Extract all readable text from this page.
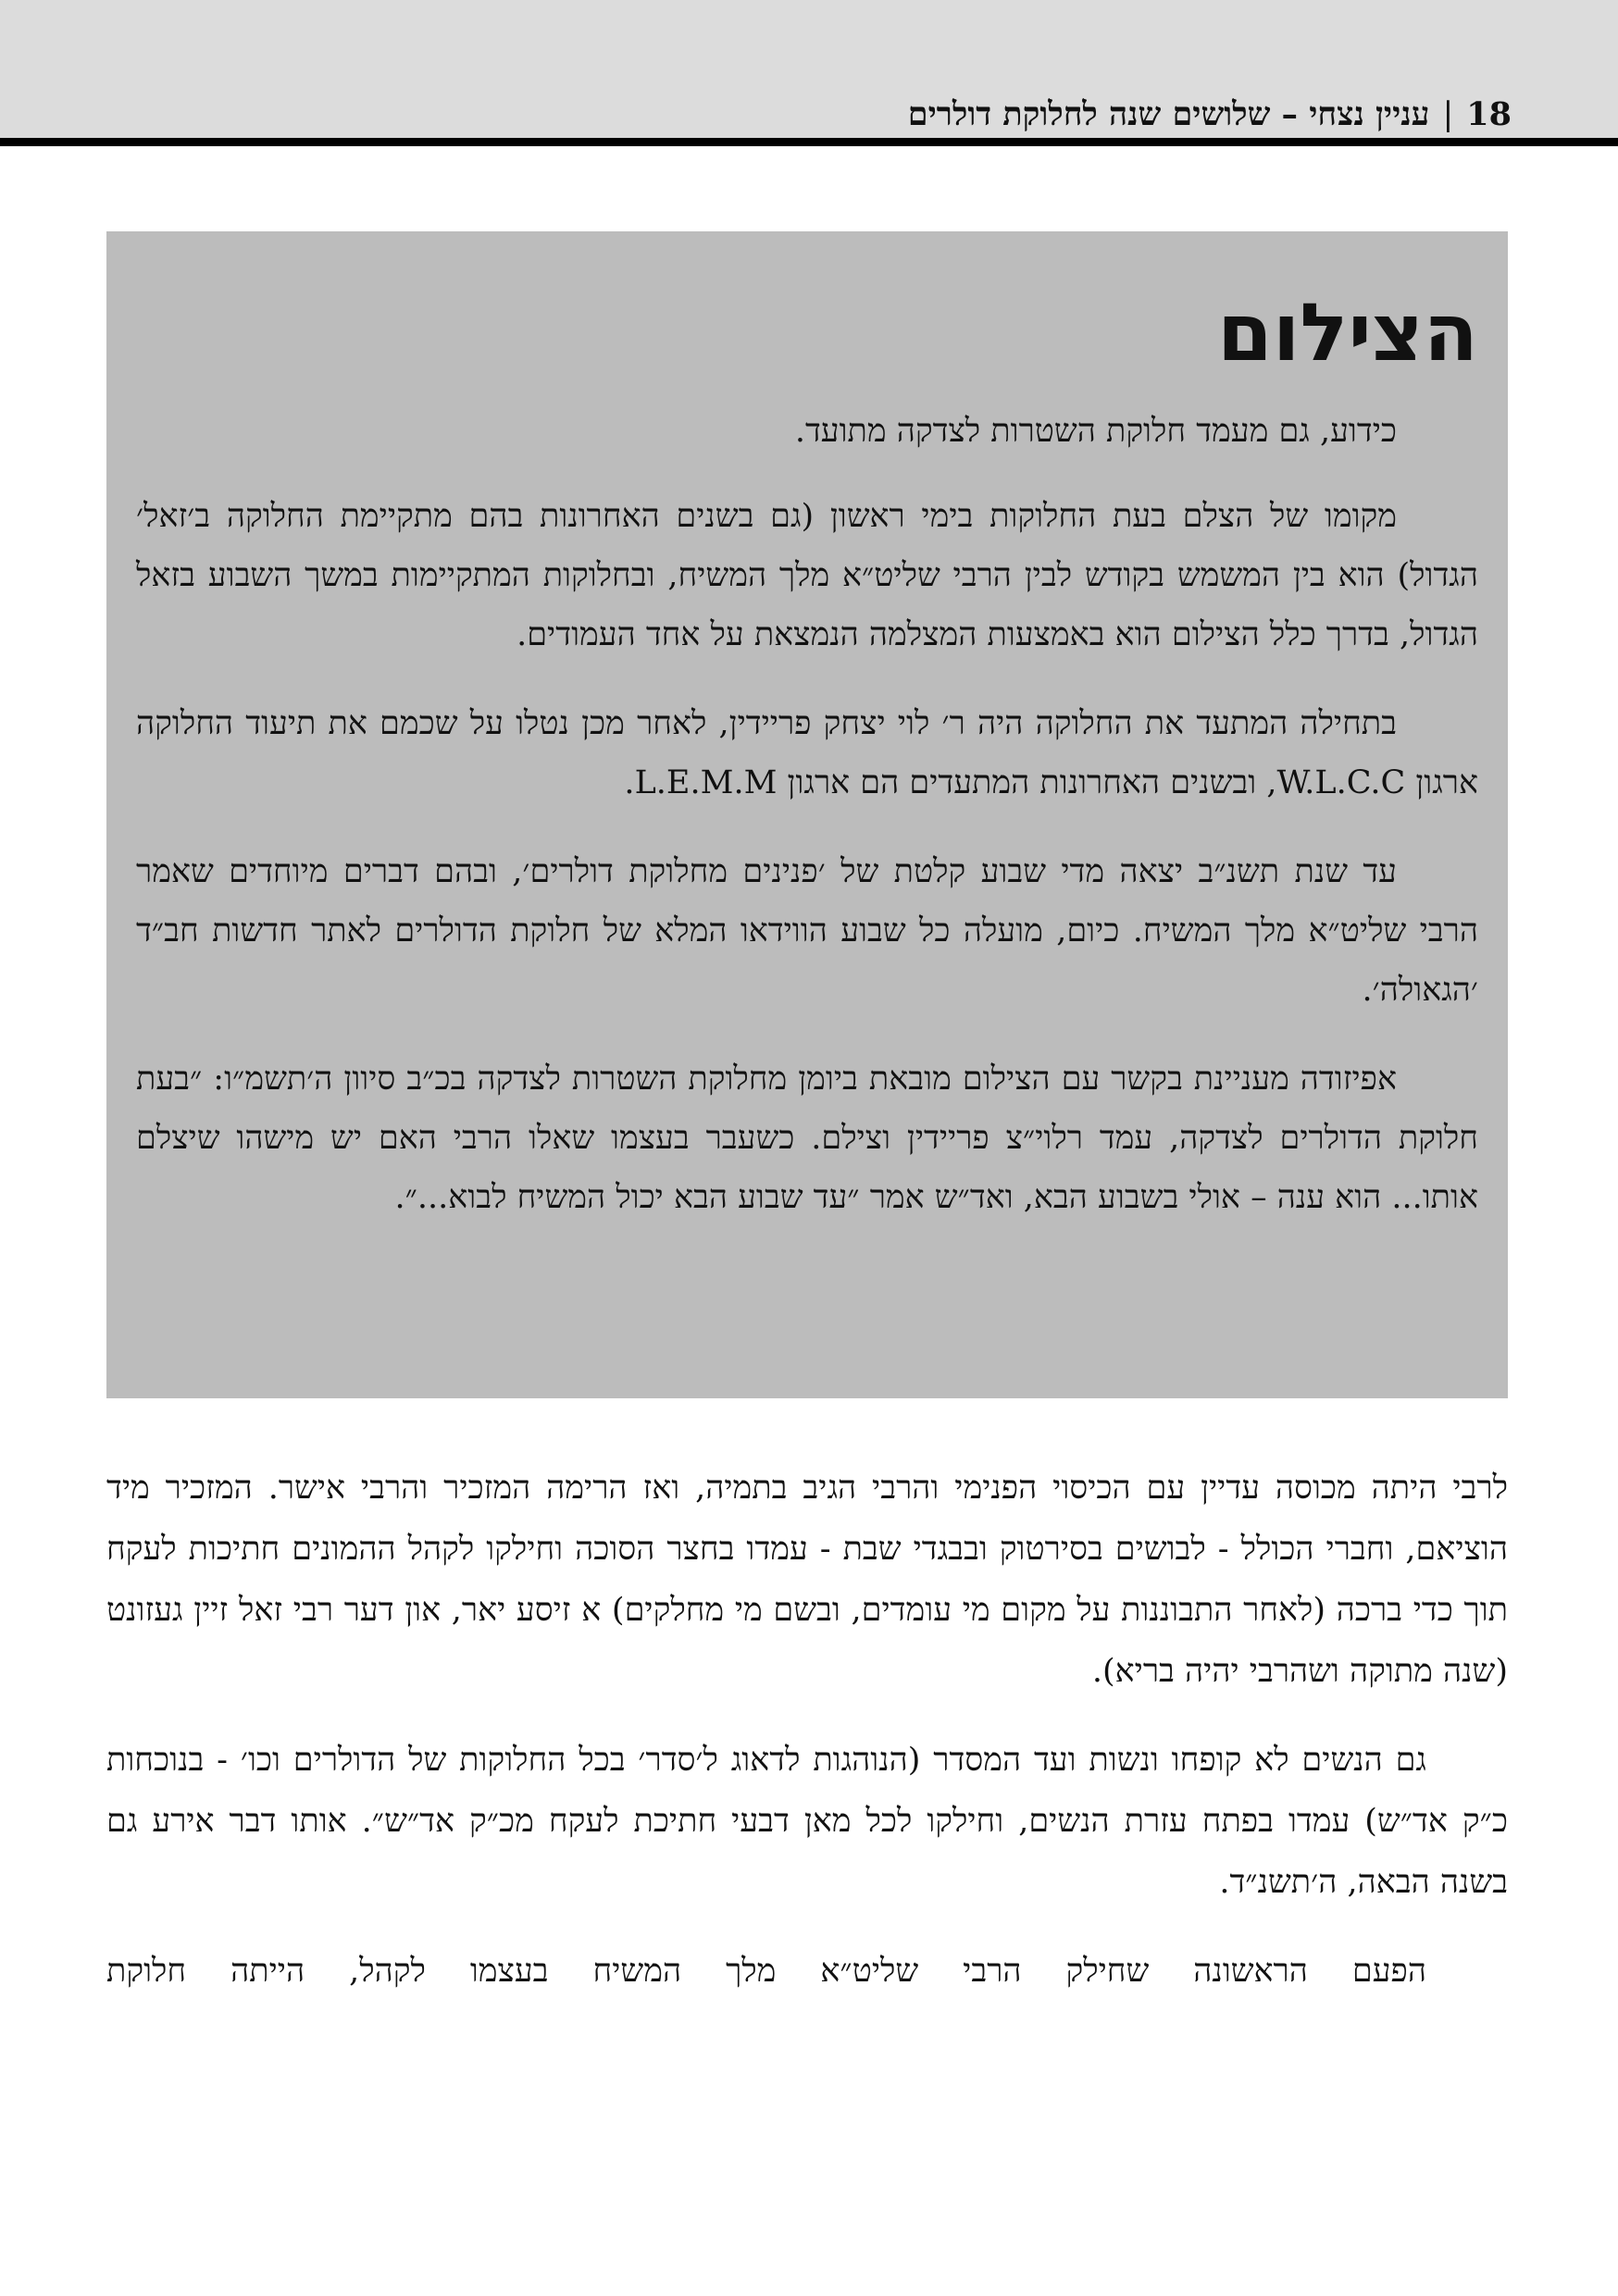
18|עניין נצחי – שלושים שנה לחלוקת דולרים
הצילום

כידוע, גם מעמד חלוקת השטרות לצדקה מתועד.

מקומו של הצלם בעת החלוקות בימי ראשון (גם בשנים האחרונות בהם מתקיימת החלוקה ב׳זאל׳ הגדול) הוא בין המשמש בקודש לבין הרבי שליט״א מלך המשיח, ובחלוקות המתקיימות במשך השבוע בזאל הגדול, בדרך כלל הצילום הוא באמצעות המצלמה הנמצאת על אחד העמודים.

בתחילה המתעד את החלוקה היה ר׳ לוי יצחק פריידין, לאחר מכן נטלו על שכמם את תיעוד החלוקה ארגון W.L.C.C, ובשנים האחרונות המתעדים הם ארגון L.E.M.M.

עד שנת תשנ״ב יצאה מדי שבוע קלטת של ׳פנינים מחלוקת דולרים׳, ובהם דברים מיוחדים שאמר הרבי שליט״א מלך המשיח. כיום, מועלה כל שבוע הווידאו המלא של חלוקת הדולרים לאתר חדשות חב״ד ׳הגאולה׳.

אפיזודה מעניינת בקשר עם הצילום מובאת ביומן מחלוקת השטרות לצדקה בכ״ב סיוון ה׳תשמ״ו: ״בעת חלוקת הדולרים לצדקה, עמד רלוי״צ פריידין וצילם. כשעבר בעצמו שאלו הרבי האם יש מישהו שיצלם אותו... הוא ענה – אולי בשבוע הבא, ואד״ש אמר ״עד שבוע הבא יכול המשיח לבוא...״.

לרבי היתה מכוסה עדיין עם הכיסוי הפנימי והרבי הגיב בתמיה, ואז הרימה המזכיר והרבי אישר. המזכיר מיד הוציאם, וחברי הכולל - לבושים בסירטוק ובבגדי שבת - עמדו בחצר הסוכה וחילקו לקהל ההמונים חתיכות לעקח תוך כדי ברכה (לאחר התבוננות על מקום מי עומדים, ובשם מי מחלקים) א זיסע יאר, און דער רבי זאל זיין געזונט (שנה מתוקה ושהרבי יהיה בריא).

גם הנשים לא קופחו ונשות ועד המסדר (הנוהגות לדאוג ל׳סדר׳ בכל החלוקות של הדולרים וכו׳ - בנוכחות כ״ק אד״ש) עמדו בפתח עזרת הנשים, וחילקו לכל מאן דבעי חתיכת לעקח מכ״ק אד״ש״. אותו דבר אירע גם בשנה הבאה, ה׳תשנ״ד.

הפעם הראשונה שחילק הרבי שליט״א מלך המשיח בעצמו לקהל, הייתה חלוקת
